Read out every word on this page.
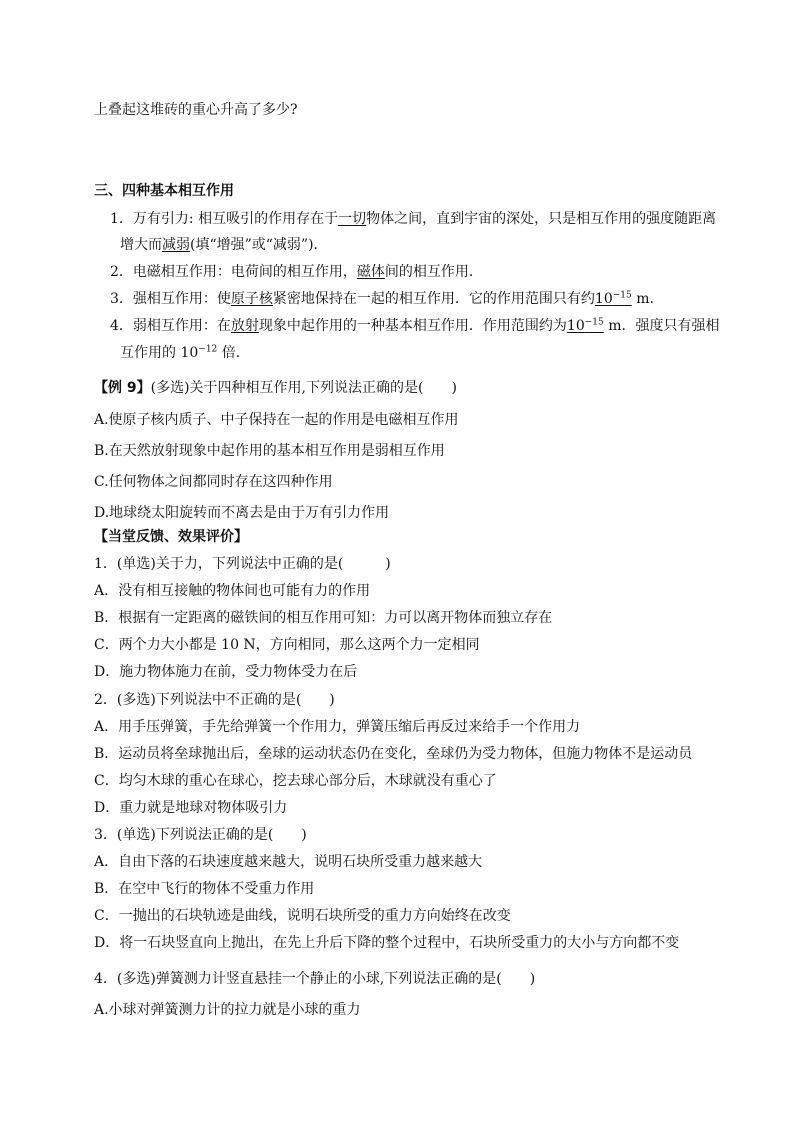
上叠起这堆砖的重心升高了多少?
三、四种基本相互作用
1．万有引力: 相互吸引的作用存在于一切物体之间，直到宇宙的深处，只是相互作用的强度随距离
增大而减弱(填“增强”或“减弱”)．
2．电磁相互作用：电荷间的相互作用，磁体间的相互作用．
3．强相互作用：使原子核紧密地保持在一起的相互作用．它的作用范围只有约$10^{-15}$ m.
4．弱相互作用：在放射现象中起作用的一种基本相互作用．作用范围约为$10^{-15}$ m．强度只有强相
互作用的 $10^{-12}$ 倍．
【例 9】(多选)关于四种相互作用,下列说法正确的是(　　)
A.使原子核内质子、中子保持在一起的作用是电磁相互作用
B.在天然放射现象中起作用的基本相互作用是弱相互作用
C.任何物体之间都同时存在这四种作用
D.地球绕太阳旋转而不离去是由于万有引力作用
【当堂反馈、效果评价】
1．(单选)关于力，下列说法中正确的是(　　　)
A．没有相互接触的物体间也可能有力的作用
B．根据有一定距离的磁铁间的相互作用可知：力可以离开物体而独立存在
C．两个力大小都是 10 N，方向相同，那么这两个力一定相同
D．施力物体施力在前，受力物体受力在后
2．(多选)下列说法中不正确的是(　　)
A．用手压弹簧，手先给弹簧一个作用力，弹簧压缩后再反过来给手一个作用力
B．运动员将垒球抛出后，垒球的运动状态仍在变化，垒球仍为受力物体，但施力物体不是运动员
C．均匀木球的重心在球心，挖去球心部分后，木球就没有重心了
D．重力就是地球对物体吸引力
3．(单选)下列说法正确的是(　　)
A．自由下落的石块速度越来越大，说明石块所受重力越来越大
B．在空中飞行的物体不受重力作用
C．一抛出的石块轨迹是曲线，说明石块所受的重力方向始终在改变
D．将一石块竖直向上抛出，在先上升后下降的整个过程中，石块所受重力的大小与方向都不变
4．(多选)弹簧测力计竖直悬挂一个静止的小球,下列说法正确的是(　　)
A.小球对弹簧测力计的拉力就是小球的重力
